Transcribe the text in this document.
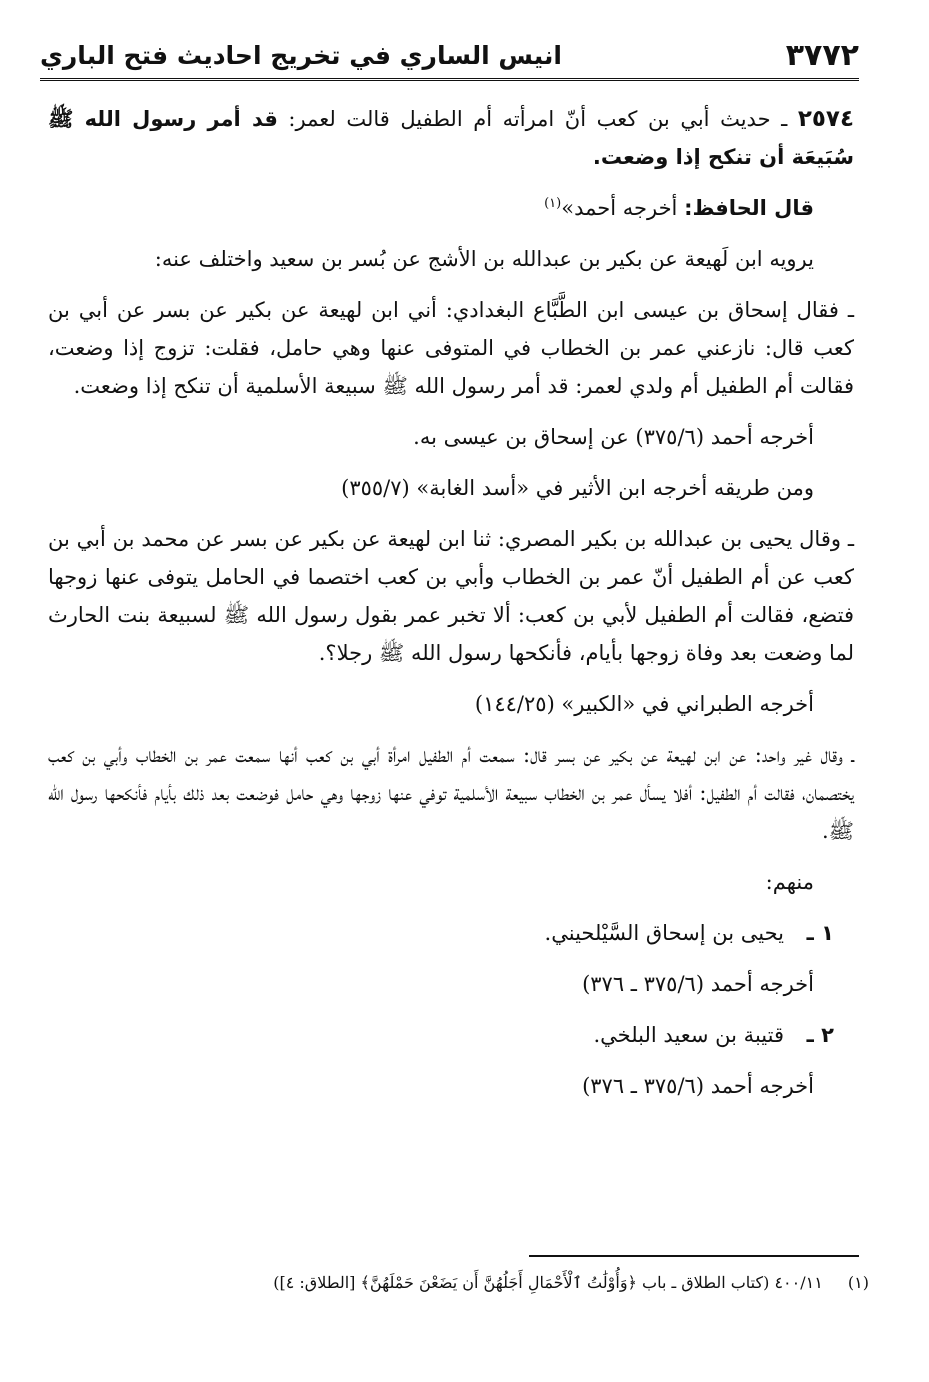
٣٧٧٢
انيس الساري في تخريج احاديث فتح الباري

٢٥٧٤ ـ حديث أبي بن كعب أنّ امرأته أم الطفيل قالت لعمر: قد أمر رسول الله ﷺ سُبَيعَة أن تنكح إذا وضعت.

قال الحافظ: أخرجه أحمد»$^{(١)}$

يرويه ابن لَهيعة عن بكير بن عبدالله بن الأشج عن بُسر بن سعيد واختلف عنه:

ـ فقال إسحاق بن عيسى ابن الطَّبَّاع البغدادي: أني ابن لهيعة عن بكير عن بسر عن أبي بن كعب قال: نازعني عمر بن الخطاب في المتوفى عنها وهي حامل، فقلت: تزوج إذا وضعت، فقالت أم الطفيل أم ولدي لعمر: قد أمر رسول الله ﷺ سبيعة الأسلمية أن تنكح إذا وضعت.

أخرجه أحمد (٣٧٥/٦) عن إسحاق بن عيسى به.

ومن طريقه أخرجه ابن الأثير في «أسد الغابة» (٣٥٥/٧)

ـ وقال يحيى بن عبدالله بن بكير المصري: ثنا ابن لهيعة عن بكير عن بسر عن محمد بن أبي بن كعب عن أم الطفيل أنّ عمر بن الخطاب وأبي بن كعب اختصما في الحامل يتوفى عنها زوجها فتضع، فقالت أم الطفيل لأبي بن كعب: ألا تخبر عمر بقول رسول الله ﷺ لسبيعة بنت الحارث لما وضعت بعد وفاة زوجها بأيام، فأنكحها رسول الله ﷺ رجلا؟.

أخرجه الطبراني في «الكبير» (١٤٤/٢٥)

ـ وقال غير واحد: عن ابن لهيعة عن بكير عن بسر قال: سمعت أم الطفيل امرأة أبي بن كعب أنها سمعت عمر بن الخطاب وأبي بن كعب يختصمان، فقالت أم الطفيل: أفلا يسأل عمر بن الخطاب سبيعة الأسلمية توفي عنها زوجها وهي حامل فوضعت بعد ذلك بأيام فأنكحها رسول الله ﷺ.

منهم:

١ ـ
يحيى بن إسحاق السَّيْلحيني.

أخرجه أحمد (٣٧٥/٦ ـ ٣٧٦)

٢ ـ
قتيبة بن سعيد البلخي.

أخرجه أحمد (٣٧٥/٦ ـ ٣٧٦)

(١) ٤٠٠/١١ (كتاب الطلاق ـ باب ﴿وَأُوْلَٰتُ ٱلْأَحْمَالِ أَجَلُهُنَّ أَن يَضَعْنَ حَمْلَهُنَّ﴾ [الطلاق: ٤])
